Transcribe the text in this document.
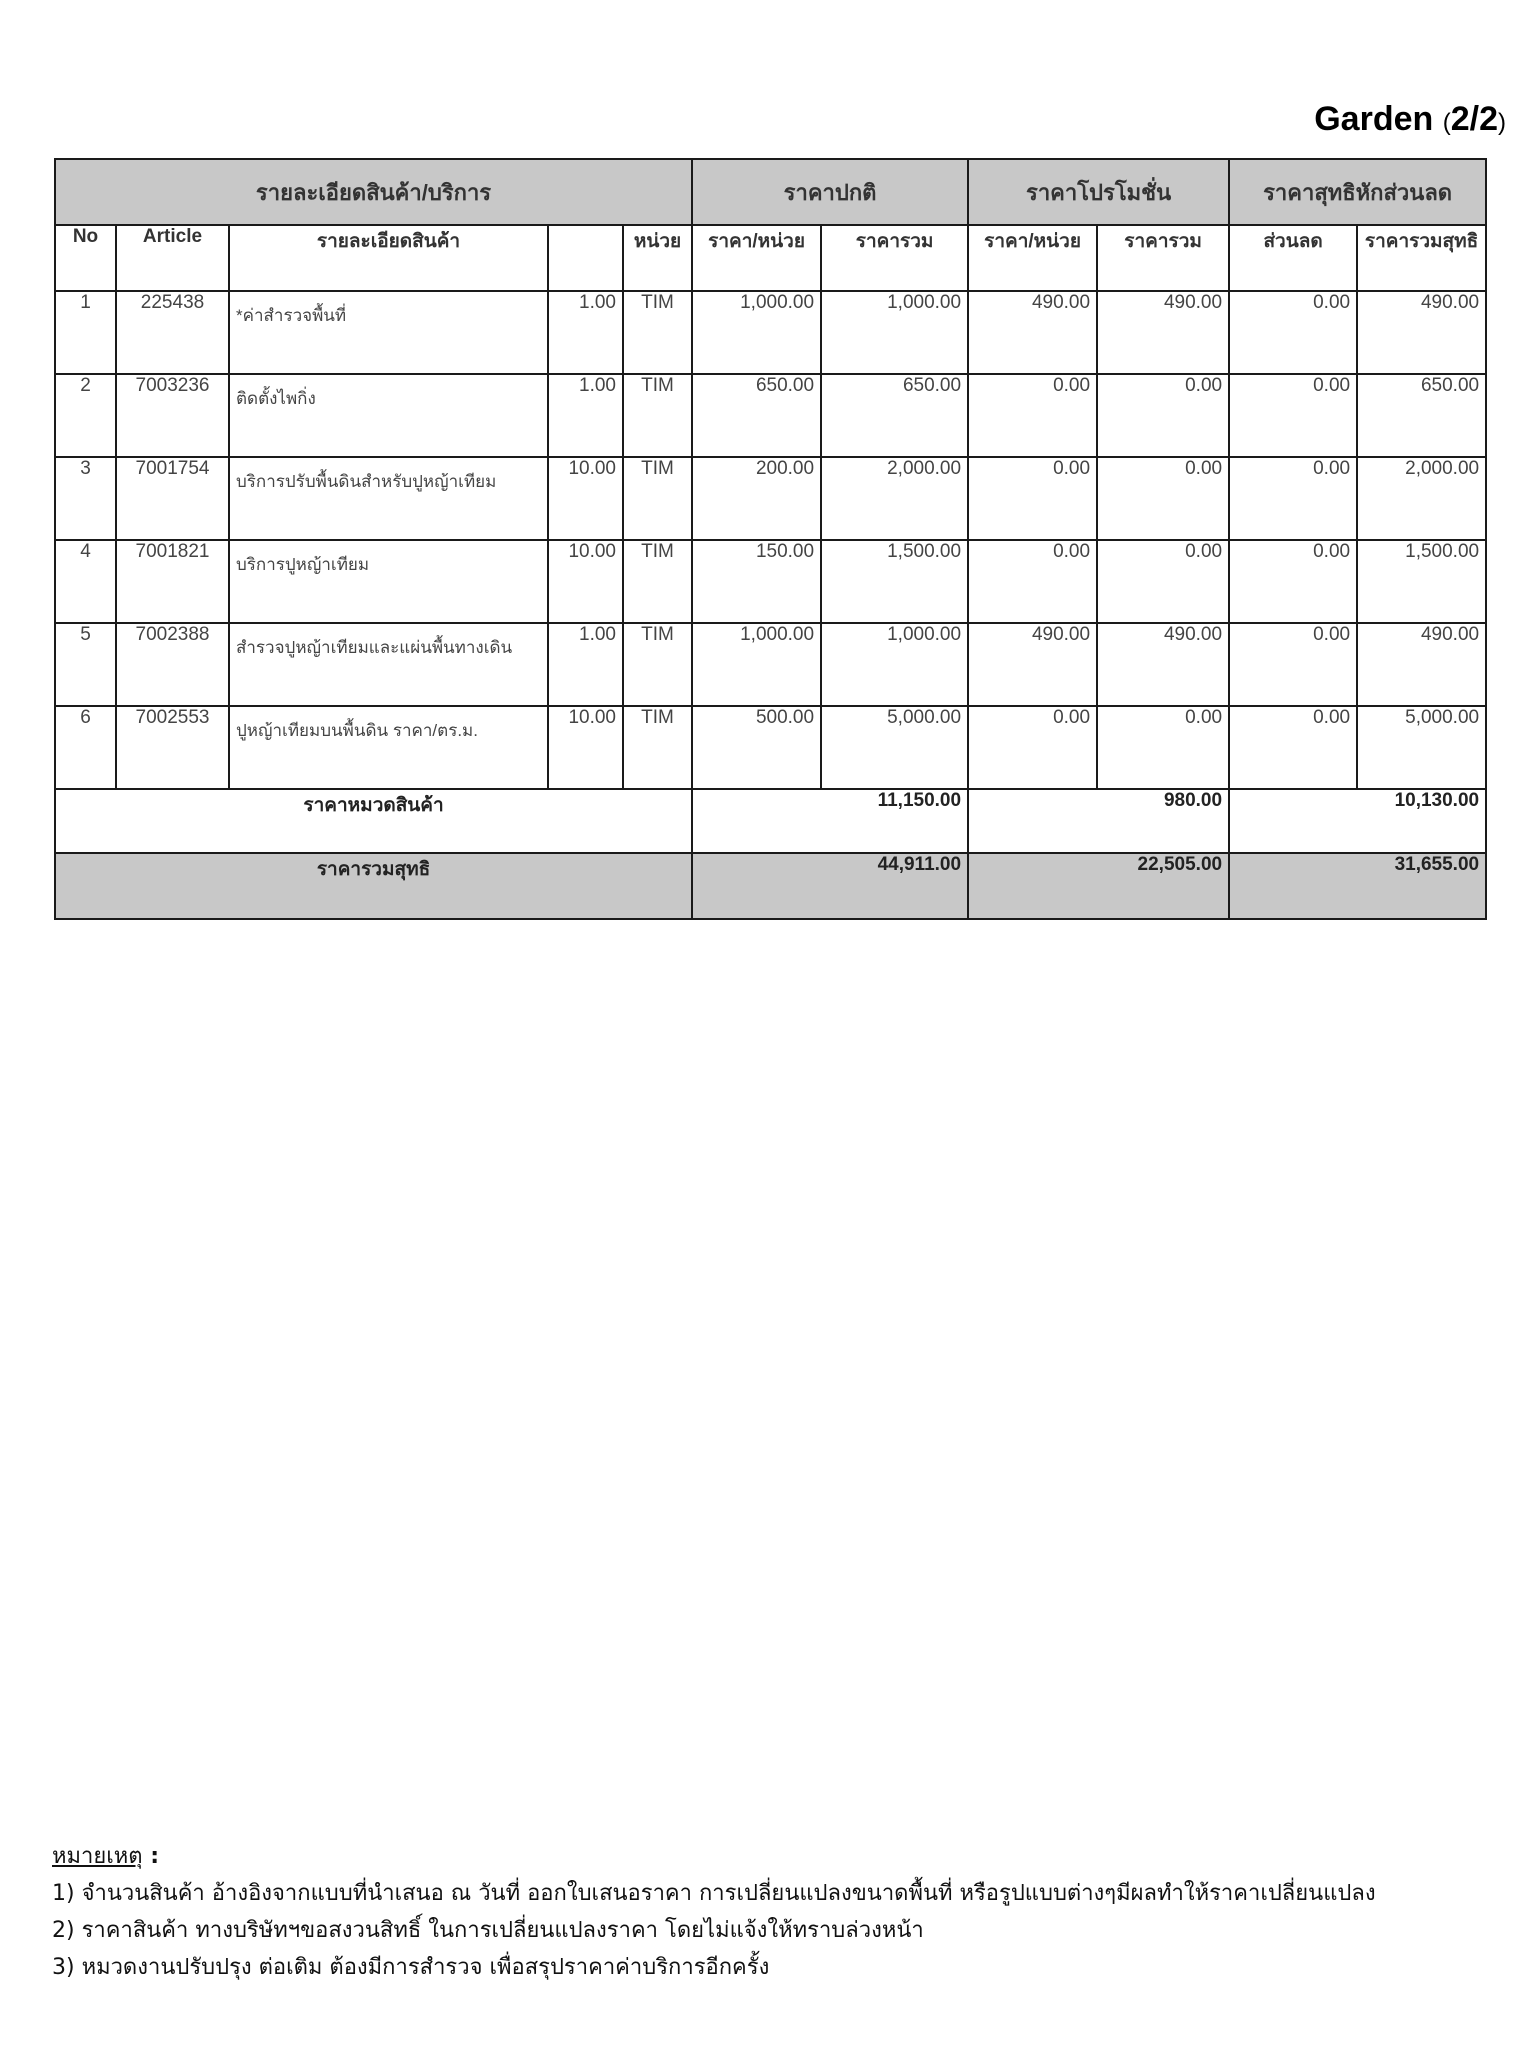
Garden (2/2)
รายละเอียดสินค้า/บริการ					ราคาปกติ		ราคาโปรโมชั่น		ราคาสุทธิหักส่วนลด	
No	Article	รายละเอียดสินค้า		หน่วย	ราคา/หน่วย	ราคารวม	ราคา/หน่วย	ราคารวม	ส่วนลด	ราคารวมสุทธิ
1	225438	*ค่าสำรวจพื้นที่	1.00	TIM	1,000.00	1,000.00	490.00	490.00	0.00	490.00
2	7003236	ติดตั้งไพกิ่ง	1.00	TIM	650.00	650.00	0.00	0.00	0.00	650.00
3	7001754	บริการปรับพื้นดินสำหรับปูหญ้าเทียม	10.00	TIM	200.00	2,000.00	0.00	0.00	0.00	2,000.00
4	7001821	บริการปูหญ้าเทียม	10.00	TIM	150.00	1,500.00	0.00	0.00	0.00	1,500.00
5	7002388	สำรวจปูหญ้าเทียมและแผ่นพื้นทางเดิน	1.00	TIM	1,000.00	1,000.00	490.00	490.00	0.00	490.00
6	7002553	ปูหญ้าเทียมบนพื้นดิน ราคา/ตร.ม.	10.00	TIM	500.00	5,000.00	0.00	0.00	0.00	5,000.00
ราคาหมวดสินค้า					11,150.00		980.00		10,130.00	
ราคารวมสุทธิ					44,911.00		22,505.00		31,655.00	
หมายเหตุ :
1) จำนวนสินค้า อ้างอิงจากแบบที่นำเสนอ ณ วันที่ ออกใบเสนอราคา การเปลี่ยนแปลงขนาดพื้นที่ หรือรูปแบบต่างๆมีผลทำให้ราคาเปลี่ยนแปลง
2) ราคาสินค้า ทางบริษัทฯขอสงวนสิทธิ์ ในการเปลี่ยนแปลงราคา โดยไม่แจ้งให้ทราบล่วงหน้า
3) หมวดงานปรับปรุง ต่อเติม ต้องมีการสำรวจ เพื่อสรุปราคาค่าบริการอีกครั้ง
